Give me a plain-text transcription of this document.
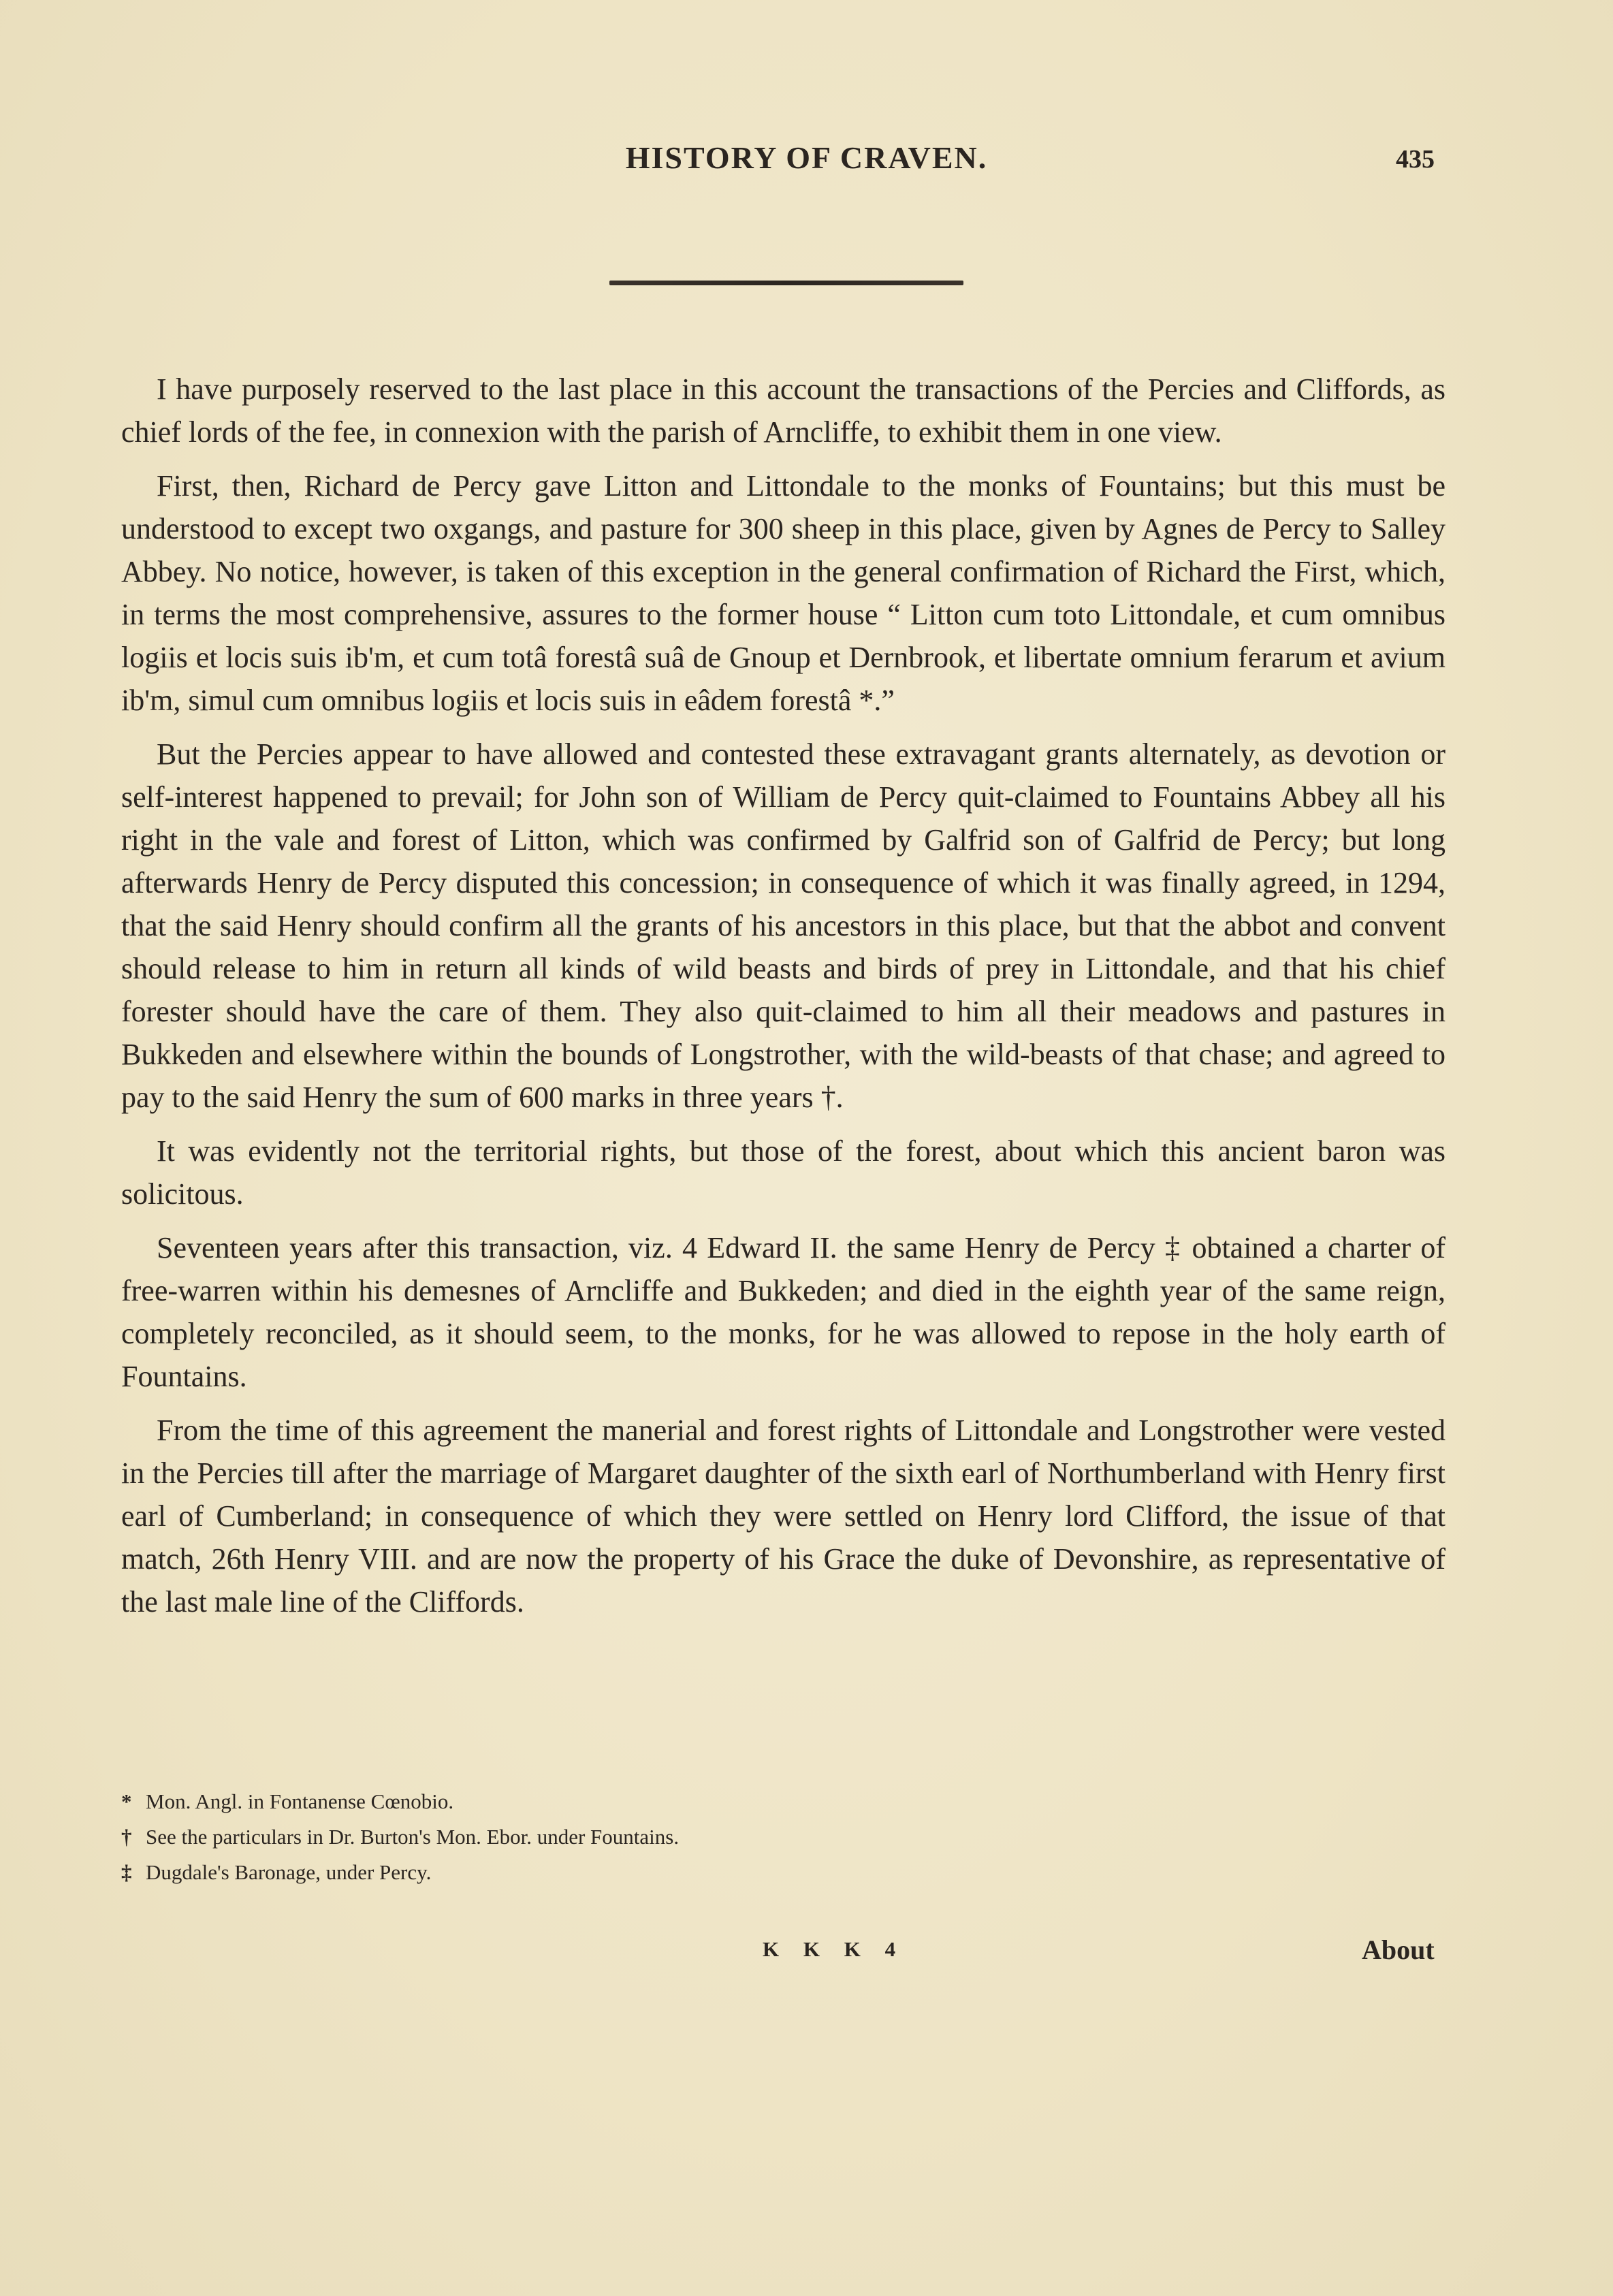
HISTORY OF CRAVEN.	435

I have purposely reserved to the last place in this account the transactions of the Percies and Cliffords, as chief lords of the fee, in connexion with the parish of Arncliffe, to exhibit them in one view.

First, then, Richard de Percy gave Litton and Littondale to the monks of Fountains; but this must be understood to except two oxgangs, and pasture for 300 sheep in this place, given by Agnes de Percy to Salley Abbey. No notice, however, is taken of this exception in the general confirmation of Richard the First, which, in terms the most comprehensive, assures to the former house “ Litton cum toto Littondale, et cum omnibus logiis et locis suis ib'm, et cum totâ forestâ suâ de Gnoup et Dernbrook, et libertate omnium ferarum et avium ib'm, simul cum omnibus logiis et locis suis in eâdem forestâ *.”

But the Percies appear to have allowed and contested these extravagant grants alternately, as devotion or self-interest happened to prevail; for John son of William de Percy quit-claimed to Fountains Abbey all his right in the vale and forest of Litton, which was confirmed by Galfrid son of Galfrid de Percy; but long afterwards Henry de Percy disputed this concession; in consequence of which it was finally agreed, in 1294, that the said Henry should confirm all the grants of his ancestors in this place, but that the abbot and convent should release to him in return all kinds of wild beasts and birds of prey in Littondale, and that his chief forester should have the care of them. They also quit-claimed to him all their meadows and pastures in Bukkeden and elsewhere within the bounds of Longstrother, with the wild-beasts of that chase; and agreed to pay to the said Henry the sum of 600 marks in three years †.

It was evidently not the territorial rights, but those of the forest, about which this ancient baron was solicitous.

Seventeen years after this transaction, viz. 4 Edward II. the same Henry de Percy ‡ obtained a charter of free-warren within his demesnes of Arncliffe and Bukkeden; and died in the eighth year of the same reign, completely reconciled, as it should seem, to the monks, for he was allowed to repose in the holy earth of Fountains.

From the time of this agreement the manerial and forest rights of Littondale and Longstrother were vested in the Percies till after the marriage of Margaret daughter of the sixth earl of Northumberland with Henry first earl of Cumberland; in consequence of which they were settled on Henry lord Clifford, the issue of that match, 26th Henry VIII. and are now the property of his Grace the duke of Devonshire, as representative of the last male line of the Cliffords.

* Mon. Angl. in Fontanense Cœnobio.
† See the particulars in Dr. Burton's Mon. Ebor. under Fountains.
‡ Dugdale's Baronage, under Percy.
K K K 4	About
